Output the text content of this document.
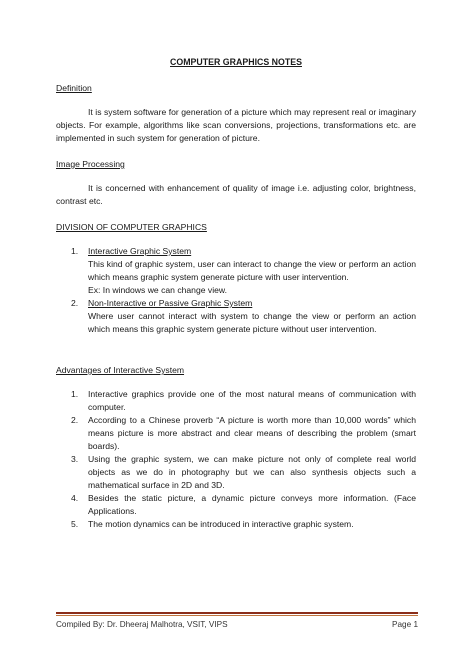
COMPUTER GRAPHICS NOTES
Definition

It is system software for generation of a picture which may represent real or imaginary objects. For example, algorithms like scan conversions, projections, transformations etc. are implemented in such system for generation of picture.

Image Processing

It is concerned with enhancement of quality of image i.e. adjusting color, brightness, contrast etc.

DIVISION OF COMPUTER GRAPHICS
1. Interactive Graphic System
This kind of graphic system, user can interact to change the view or perform an action which means graphic system generate picture with user intervention.
Ex: In windows we can change view.
2. Non-Interactive or Passive Graphic System
Where user cannot interact with system to change the view or perform an action which means this graphic system generate picture without user intervention.
Advantages of Interactive System
1. Interactive graphics provide one of the most natural means of communication with computer.
2. According to a Chinese proverb “A picture is worth more than 10,000 words” which means picture is more abstract and clear means of describing the problem (smart boards).
3. Using the graphic system, we can make picture not only of complete real world objects as we do in photography but we can also synthesis objects such a mathematical surface in 2D and 3D.
4. Besides the static picture, a dynamic picture conveys more information. (Face Applications.
5. The motion dynamics can be introduced in interactive graphic system.
Compiled By: Dr. Dheeraj Malhotra, VSIT, VIPS	Page 1
